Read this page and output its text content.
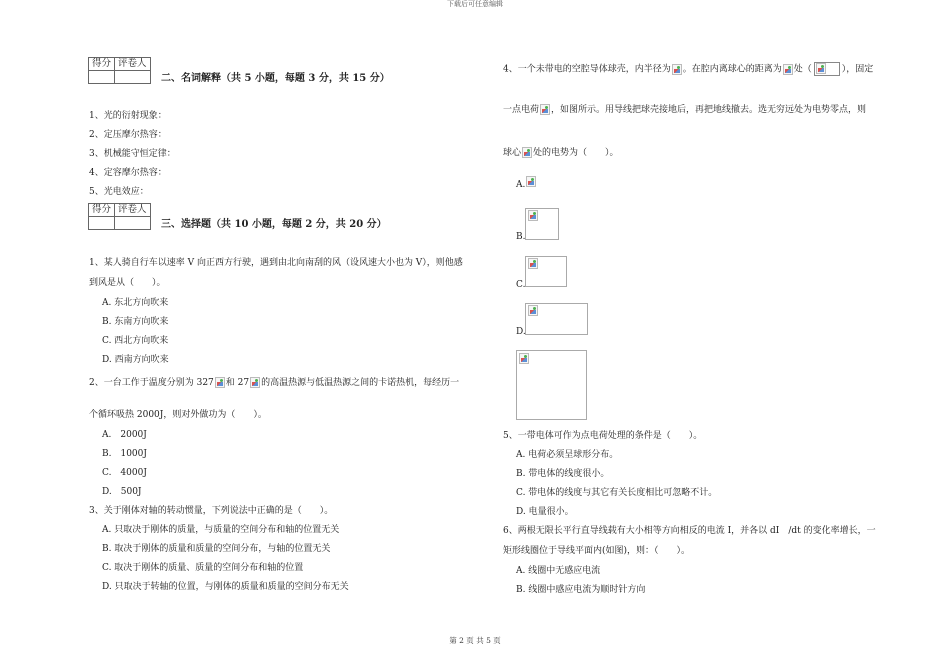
下载后可任意编辑
得分	评卷人

二、名词解释（共 5 小题，每题 3 分，共 15 分）
1、光的衍射现象：
2、定压摩尔热容：
3、机械能守恒定律：
4、定容摩尔热容：
5、光电效应：
得分	评卷人

三、选择题（共 10 小题，每题 2 分，共 20 分）
1、某人骑自行车以速率 V 向正西方行驶，遇到由北向南刮的风（设风速大小也为 V），则他感
到风是从（　　）。
A. 东北方向吹来
B. 东南方向吹来
C. 西北方向吹来
D. 西南方向吹来
2、一台工作于温度分别为 327 和 27 的高温热源与低温热源之间的卡诺热机，每经历一
个循环吸热 2000J，则对外做功为（　　）。
A.　2000J
B.　1000J
C.　4000J
D.　500J
3、关于刚体对轴的转动惯量，下列说法中正确的是（　　）。
A. 只取决于刚体的质量，与质量的空间分布和轴的位置无关
B. 取决于刚体的质量和质量的空间分布，与轴的位置无关
C. 取决于刚体的质量、质量的空间分布和轴的位置
D. 只取决于转轴的位置，与刚体的质量和质量的空间分布无关
4、一个未带电的空腔导体球壳，内半径为 。在腔内离球心的距离为 处（	），固定
一点电荷 ，如图所示。用导线把球壳接地后，再把地线撤去。选无穷远处为电势零点，则
球心 处的电势为（　　）。
A.
B.
C.
D.
5、一带电体可作为点电荷处理的条件是（　　）。
A. 电荷必须呈球形分布。
B. 带电体的线度很小。
C. 带电体的线度与其它有关长度相比可忽略不计。
D. 电量很小。
6、两根无限长平行直导线载有大小相等方向相反的电流 I，并各以 dI　/dt 的变化率增长，一
矩形线圈位于导线平面内(如图)，则：（　　）。
A. 线圈中无感应电流
B. 线圈中感应电流为顺时针方向
第 2 页 共 5 页
